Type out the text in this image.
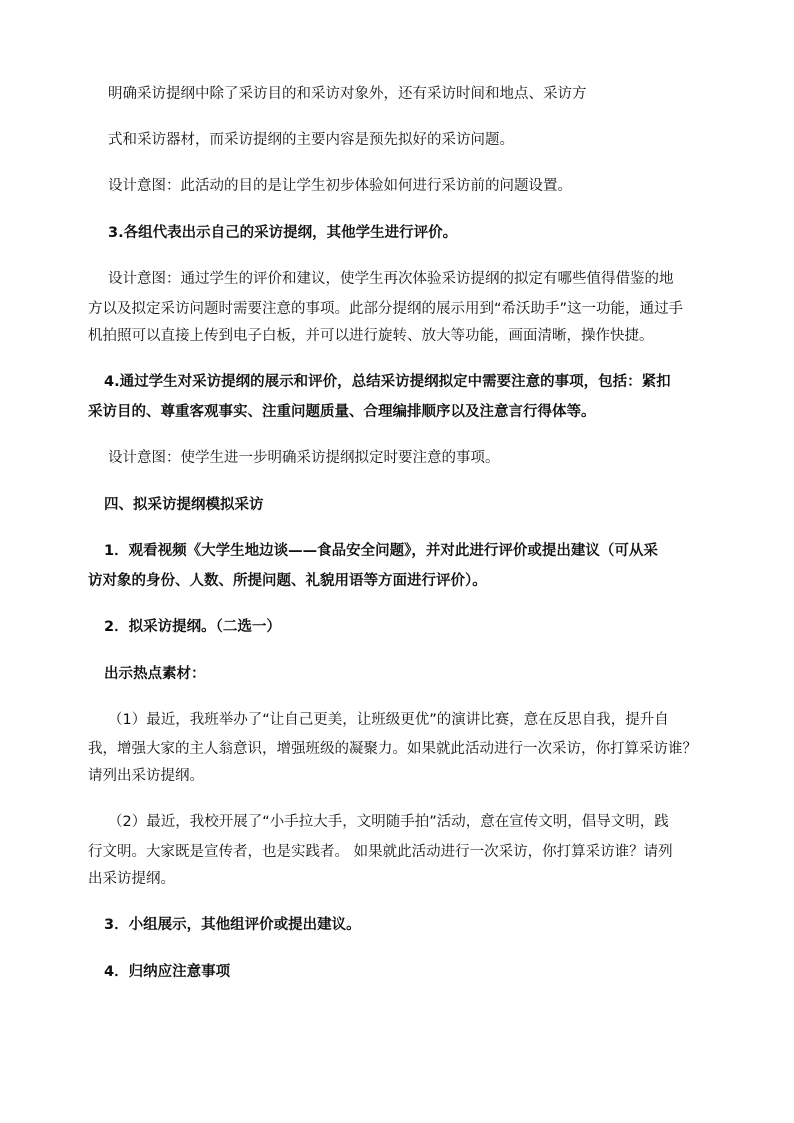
明确采访提纲中除了采访目的和采访对象外，还有采访时间和地点、采访方
式和采访器材，而采访提纲的主要内容是预先拟好的采访问题。
设计意图：此活动的目的是让学生初步体验如何进行采访前的问题设置。
3.各组代表出示自己的采访提纲，其他学生进行评价。
设计意图：通过学生的评价和建议，使学生再次体验采访提纲的拟定有哪些值得借鉴的地
方以及拟定采访问题时需要注意的事项。此部分提纲的展示用到“希沃助手”这一功能，通过手
机拍照可以直接上传到电子白板，并可以进行旋转、放大等功能，画面清晰，操作快捷。
4.通过学生对采访提纲的展示和评价，总结采访提纲拟定中需要注意的事项，包括：紧扣
采访目的、尊重客观事实、注重问题质量、合理编排顺序以及注意言行得体等。
设计意图：使学生进一步明确采访提纲拟定时要注意的事项。
四、拟采访提纲模拟采访
1．观看视频《大学生地边谈——食品安全问题》，并对此进行评价或提出建议（可从采
访对象的身份、人数、所提问题、礼貌用语等方面进行评价）。
2．拟采访提纲。（二选一）
出示热点素材：
（1）最近，我班举办了“让自己更美，让班级更优”的演讲比赛，意在反思自我，提升自
我，增强大家的主人翁意识，增强班级的凝聚力。如果就此活动进行一次采访，你打算采访谁？
请列出采访提纲。
（2）最近，我校开展了“小手拉大手，文明随手拍”活动，意在宣传文明，倡导文明，践
行文明。大家既是宣传者，也是实践者。 如果就此活动进行一次采访，你打算采访谁？请列
出采访提纲。
3．小组展示，其他组评价或提出建议。
4．归纳应注意事项
